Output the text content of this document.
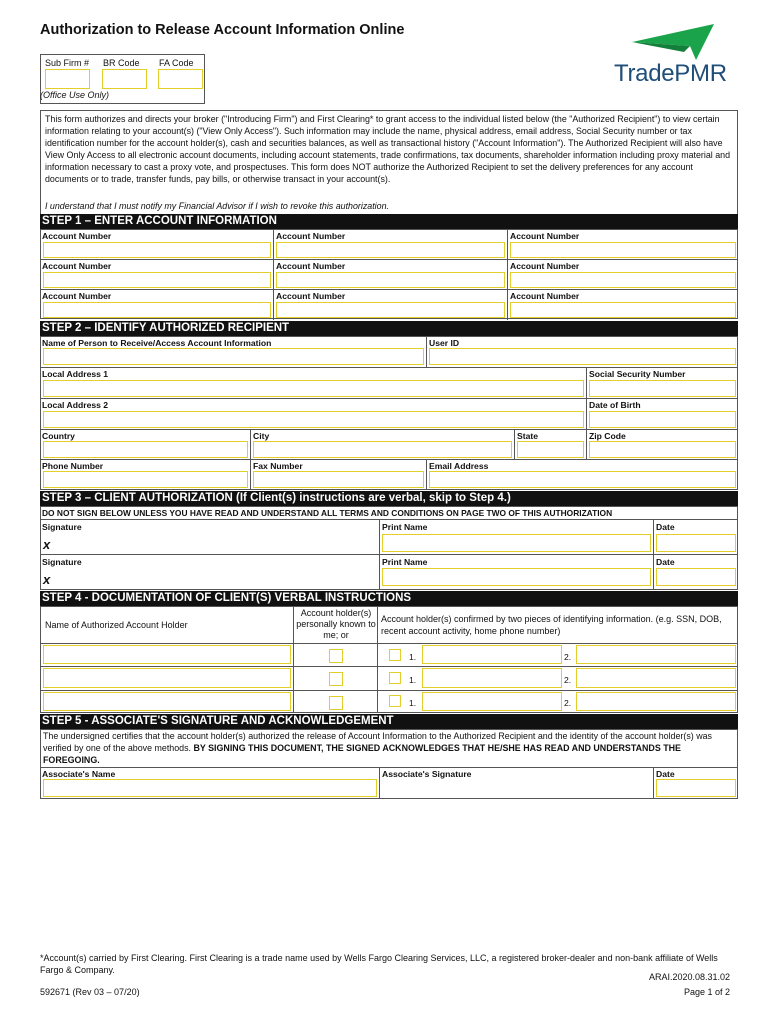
Authorization to Release Account Information Online
Sub Firm # BR Code FA Code
(Office Use Only)
TradePMR
This form authorizes and directs your broker ("Introducing Firm") and First Clearing* to grant access to the individual listed below (the "Authorized Recipient") to view certain information relating to your account(s) ("View Only Access"). Such information may include the name, physical address, email address, Social Security number or tax identification number for the account holder(s), cash and securities balances, as well as transactional history ("Account Information"). The Authorized Recipient will also have View Only Access to all electronic account documents, including account statements, trade confirmations, tax documents, shareholder information including proxy material and information necessary to cast a proxy vote, and prospectuses. This form does NOT authorize the Authorized Recipient to set the delivery preferences for any account documents or to trade, transfer funds, pay bills, or otherwise transact in your account(s).
I understand that I must notify my Financial Advisor if I wish to revoke this authorization.
STEP 1 – ENTER ACCOUNT INFORMATION
Account Number	Account Number	Account Number
Account Number	Account Number	Account Number
Account Number	Account Number	Account Number
STEP 2 – IDENTIFY AUTHORIZED RECIPIENT
Name of Person to Receive/Access Account Information	User ID
Local Address 1	Social Security Number
Local Address 2	Date of Birth
Country	City	State	Zip Code
Phone Number	Fax Number	Email Address
STEP 3 – CLIENT AUTHORIZATION (If Client(s) instructions are verbal, skip to Step 4.)
DO NOT SIGN BELOW UNLESS YOU HAVE READ AND UNDERSTAND ALL TERMS AND CONDITIONS ON PAGE TWO OF THIS AUTHORIZATION
Signature
x
Print Name	Date
Signature
x
Print Name	Date
STEP 4 - DOCUMENTATION OF CLIENT(S) VERBAL INSTRUCTIONS
Name of Authorized Account Holder
Account holder(s) personally known to me; or
Account holder(s) confirmed by two pieces of identifying information. (e.g. SSN, DOB, recent account activity, home phone number)
1.	2.
1.	2.
1.	2.
STEP 5 - ASSOCIATE'S SIGNATURE AND ACKNOWLEDGEMENT
The undersigned certifies that the account holder(s) authorized the release of Account Information to the Authorized Recipient and the identity of the account holder(s) was verified by one of the above methods. BY SIGNING THIS DOCUMENT, THE SIGNED ACKNOWLEDGES THAT HE/SHE HAS READ AND UNDERSTANDS THE FOREGOING.
Associate's Name	Associate's Signature	Date
*Account(s) carried by First Clearing. First Clearing is a trade name used by Wells Fargo Clearing Services, LLC, a registered broker-dealer and non-bank affiliate of Wells Fargo & Company.
ARAI.2020.08.31.02
592671 (Rev 03 – 07/20)	Page 1 of 2
